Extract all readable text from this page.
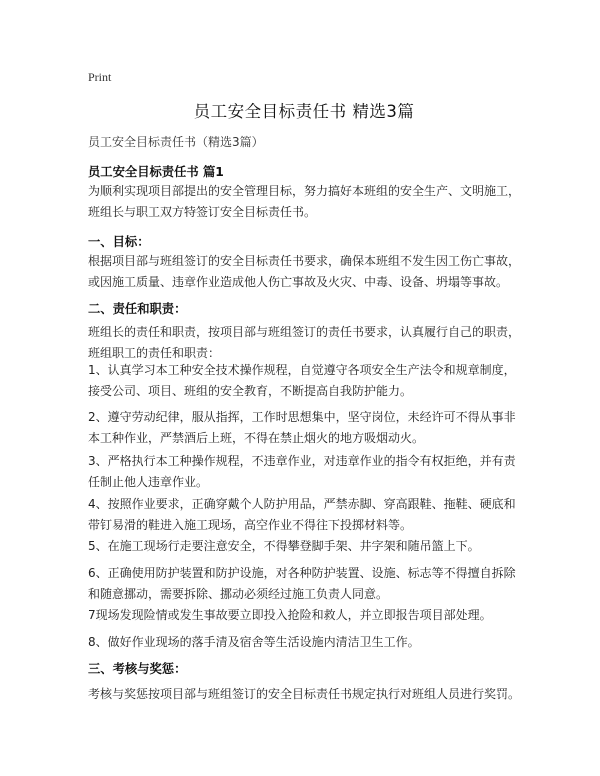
Print
员工安全目标责任书 精选3篇
员工安全目标责任书（精选3篇）
员工安全目标责任书 篇1
为顺利实现项目部提出的安全管理目标，努力搞好本班组的安全生产、文明施工，
班组长与职工双方特签订安全目标责任书。
一、目标：
根据项目部与班组签订的安全目标责任书要求，确保本班组不发生因工伤亡事故，
或因施工质量、违章作业造成他人伤亡事故及火灾、中毒、设备、坍塌等事故。
二、责任和职责：
班组长的责任和职责，按项目部与班组签订的责任书要求，认真履行自己的职责，
班组职工的责任和职责：
1、认真学习本工种安全技术操作规程，自觉遵守各项安全生产法令和规章制度，
接受公司、项目、班组的安全教育，不断提高自我防护能力。
2、遵守劳动纪律，服从指挥，工作时思想集中，坚守岗位，未经许可不得从事非
本工种作业，严禁酒后上班，不得在禁止烟火的地方吸烟动火。
3、严格执行本工种操作规程，不违章作业，对违章作业的指令有权拒绝，并有责
任制止他人违章作业。
4、按照作业要求，正确穿戴个人防护用品，严禁赤脚、穿高跟鞋、拖鞋、硬底和
带钉易滑的鞋进入施工现场，高空作业不得往下投掷材料等。
5、在施工现场行走要注意安全，不得攀登脚手架、井字架和随吊篮上下。
6、正确使用防护装置和防护设施，对各种防护装置、设施、标志等不得擅自拆除
和随意挪动，需要拆除、挪动必须经过施工负责人同意。
7现场发现险情或发生事故要立即投入抢险和救人，并立即报告项目部处理。
8、做好作业现场的落手清及宿舍等生活设施内清洁卫生工作。
三、考核与奖惩：
考核与奖惩按项目部与班组签订的安全目标责任书规定执行对班组人员进行奖罚。
